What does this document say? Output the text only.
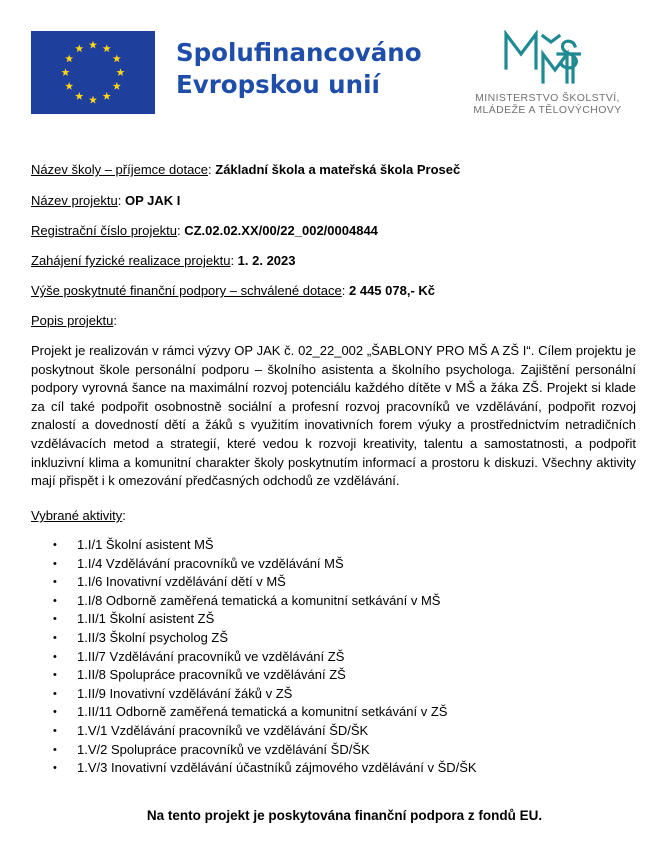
Spolufinancováno
Evropskou unií	MINISTERSTVO ŠKOLSTVÍ,
MLÁDEŽE A TĚLOVÝCHOVY
Název školy – příjemce dotace: Základní škola a mateřská škola Proseč
Název projektu: OP JAK I
Registrační číslo projektu: CZ.02.02.XX/00/22_002/0004844
Zahájení fyzické realizace projektu: 1. 2. 2023
Výše poskytnuté finanční podpory – schválené dotace: 2 445 078,- Kč
Popis projektu:
Projekt je realizován v rámci výzvy OP JAK č. 02_22_002 „ŠABLONY PRO MŠ A ZŠ I“. Cílem projektu je poskytnout škole personální podporu – školního asistenta a školního psychologa. Zajištění personální podpory vyrovná šance na maximální rozvoj potenciálu každého dítěte v MŠ a žáka ZŠ. Projekt si klade za cíl také podpořit osobnostně sociální a profesní rozvoj pracovníků ve vzdělávání, podpořit rozvoj znalostí a dovedností dětí a žáků s využitím inovativních forem výuky a prostřednictvím netradičních vzdělávacích metod a strategií, které vedou k rozvoji kreativity, talentu a samostatnosti, a podpořit inkluzivní klima a komunitní charakter školy poskytnutím informací a prostoru k diskuzi. Všechny aktivity mají přispět i k omezování předčasných odchodů ze vzdělávání.
Vybrané aktivity:
• 1.I/1 Školní asistent MŠ
• 1.I/4 Vzdělávání pracovníků ve vzdělávání MŠ
• 1.I/6 Inovativní vzdělávání dětí v MŠ
• 1.I/8 Odborně zaměřená tematická a komunitní setkávání v MŠ
• 1.II/1 Školní asistent ZŠ
• 1.II/3 Školní psycholog ZŠ
• 1.II/7 Vzdělávání pracovníků ve vzdělávání ZŠ
• 1.II/8 Spolupráce pracovníků ve vzdělávání ZŠ
• 1.II/9 Inovativní vzdělávání žáků v ZŠ
• 1.II/11 Odborně zaměřená tematická a komunitní setkávání v ZŠ
• 1.V/1 Vzdělávání pracovníků ve vzdělávání ŠD/ŠK
• 1.V/2 Spolupráce pracovníků ve vzdělávání ŠD/ŠK
• 1.V/3 Inovativní vzdělávání účastníků zájmového vzdělávání v ŠD/ŠK
Na tento projekt je poskytována finanční podpora z fondů EU.
